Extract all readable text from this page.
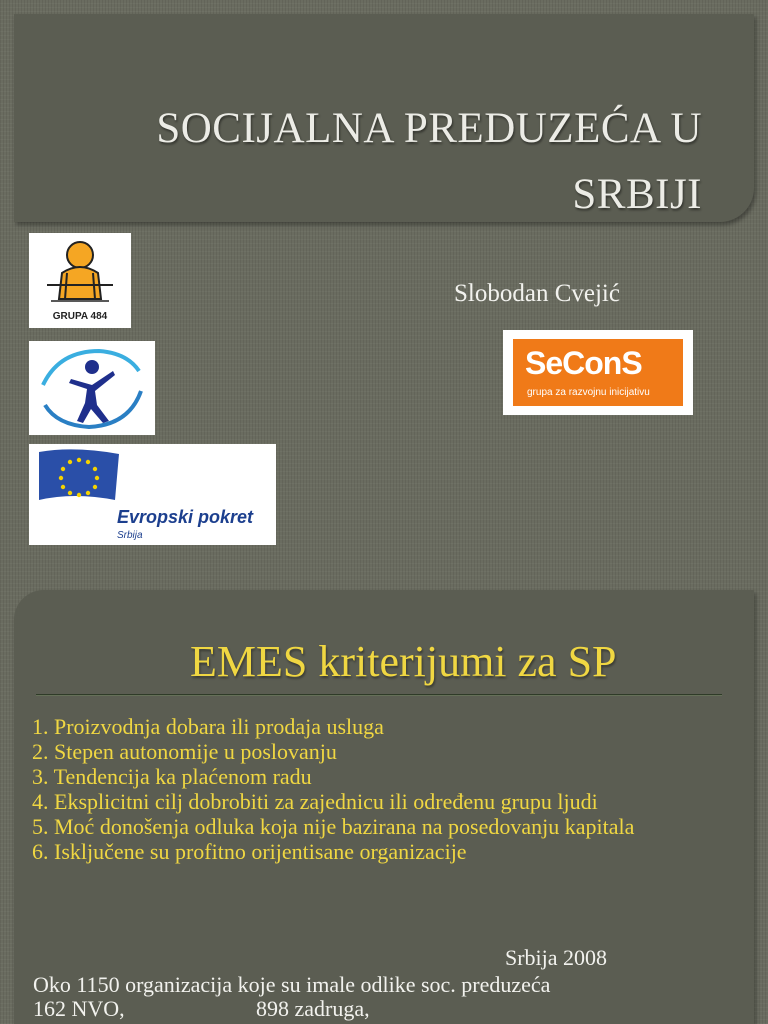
SOCIJALNA PREDUZEĆA U
SRBIJI
GRUPA 484
Evropski pokret
Srbija
Slobodan Cvejić
SeConS
grupa za razvojnu inicijativu
EMES kriterijumi za SP
1. Proizvodnja dobara ili prodaja usluga
2. Stepen autonomije u poslovanju
3. Tendencija ka plaćenom radu
4. Eksplicitni cilj dobrobiti za zajednicu ili određenu grupu ljudi
5. Moć donošenja odluka koja nije bazirana na posedovanju kapitala
6. Isključene su profitno orijentisane organizacije
Srbija 2008
Oko 1150 organizacija koje su imale odlike soc. preduzeća
162 NVO,	898 zadruga,
